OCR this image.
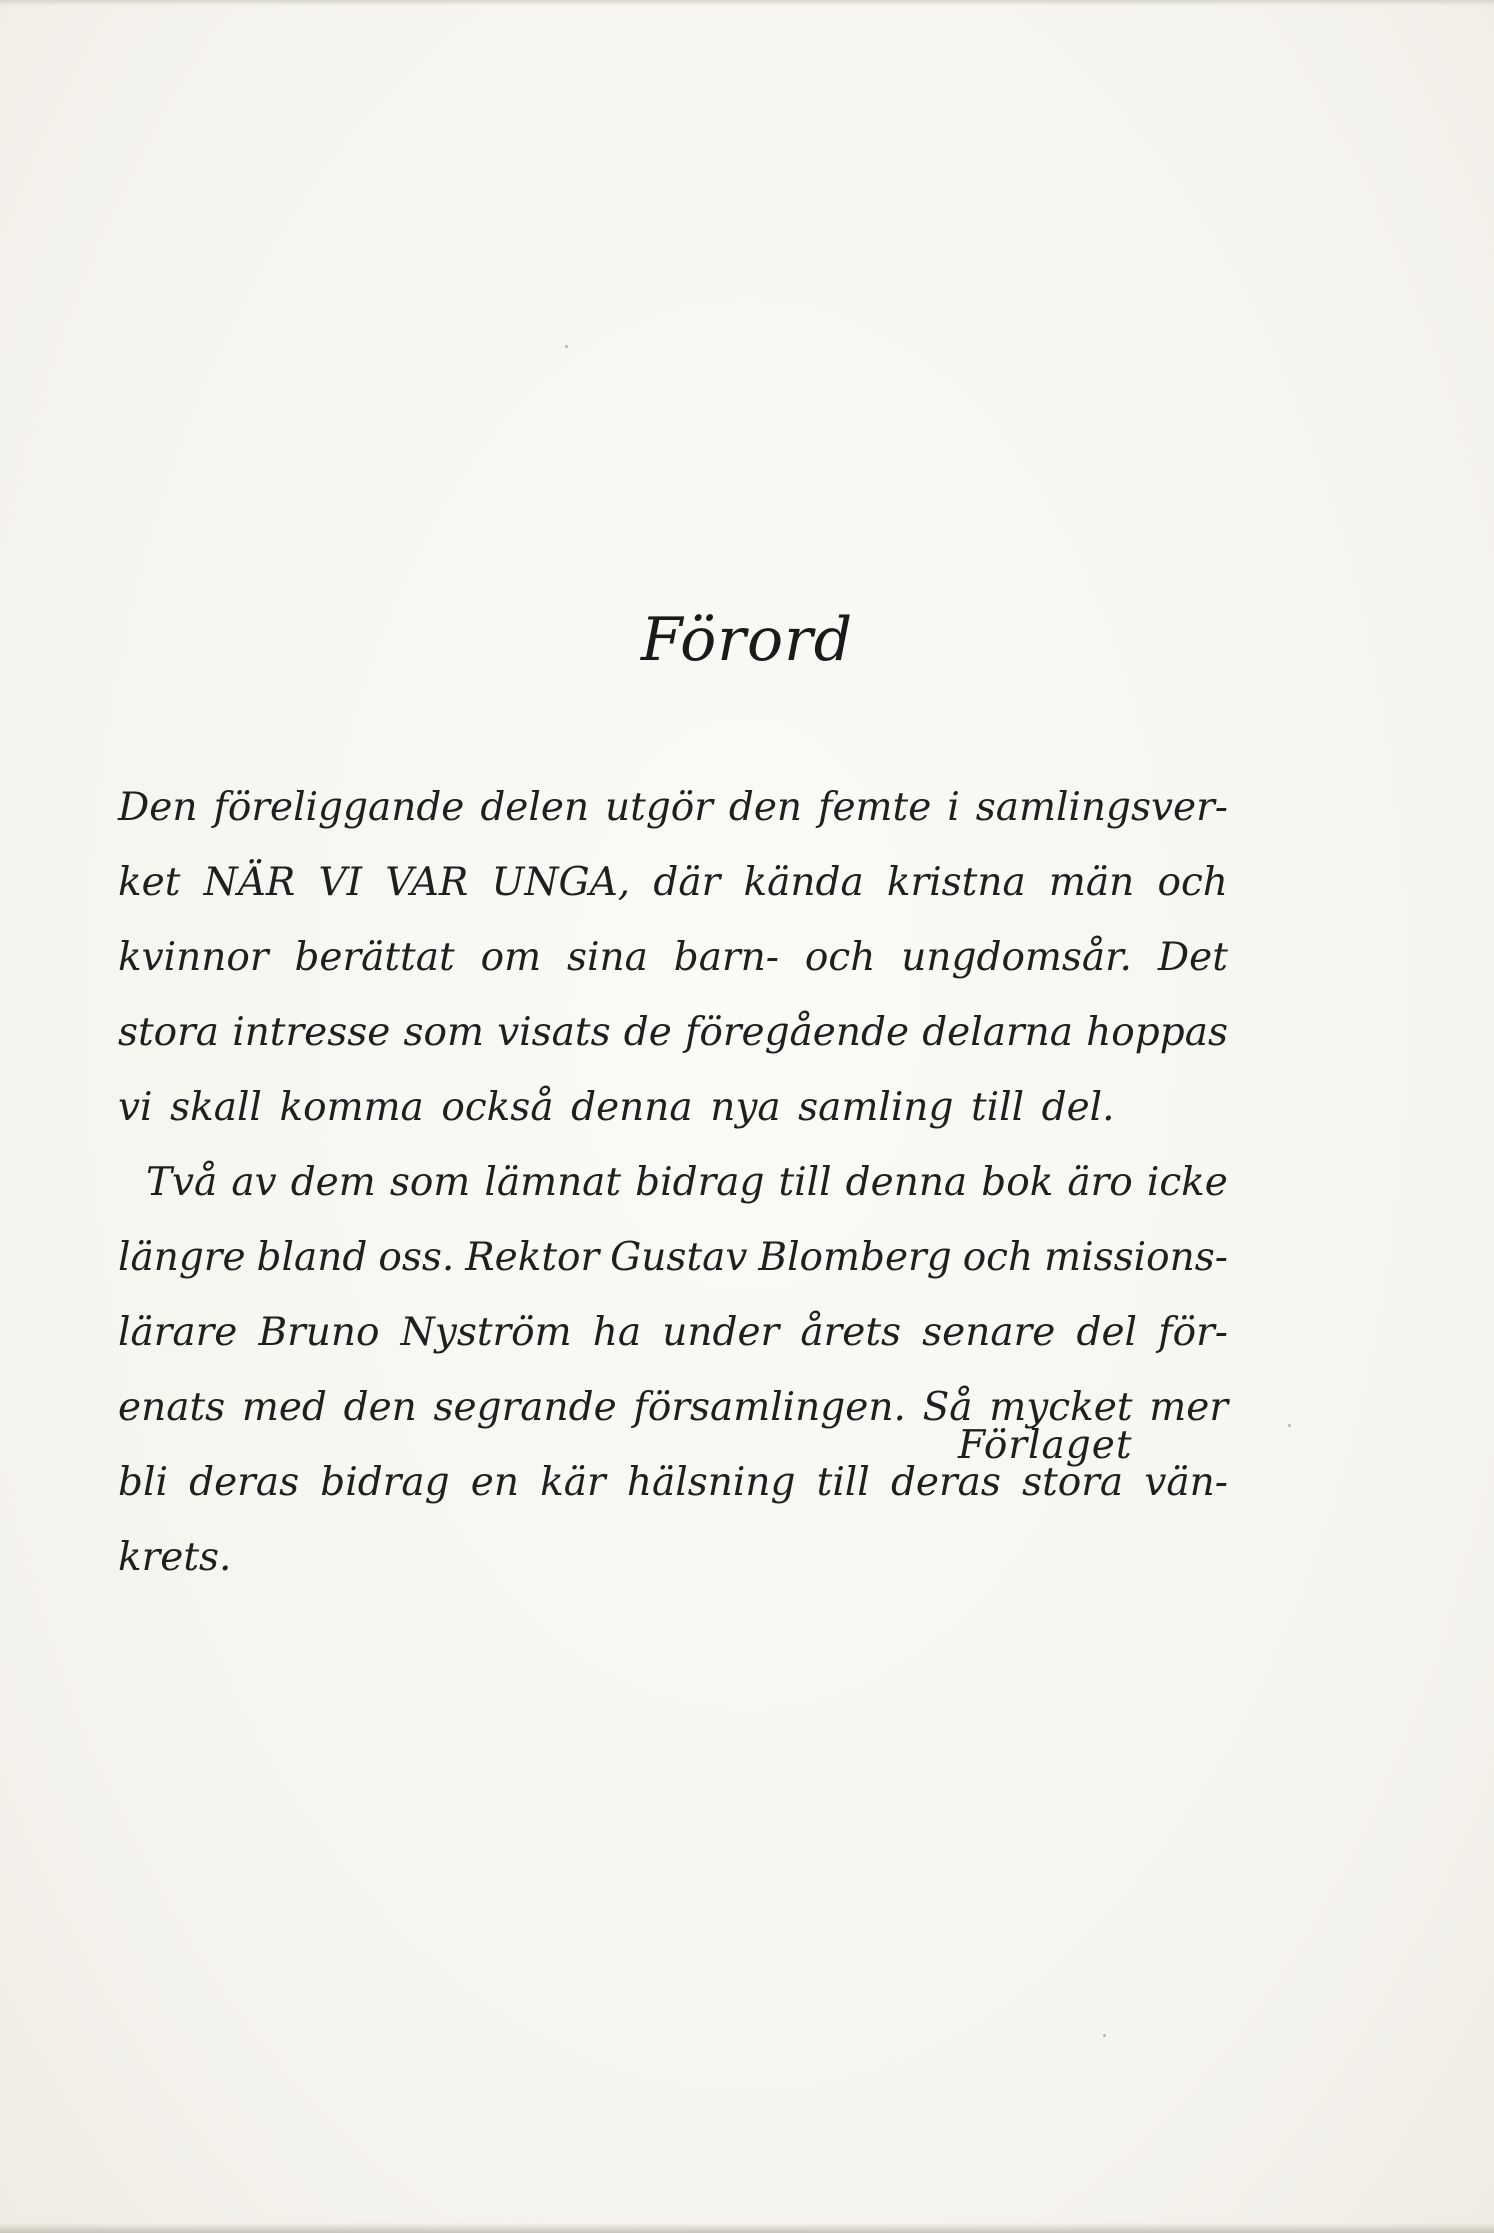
Förord
Den föreliggande delen utgör den femte i samlingsver-
ket NÄR VI VAR UNGA, där kända kristna män och
kvinnor berättat om sina barn- och ungdomsår. Det
stora intresse som visats de föregående delarna hoppas
vi skall komma också denna nya samling till del.
Två av dem som lämnat bidrag till denna bok äro icke
längre bland oss. Rektor Gustav Blomberg och missions-
lärare Bruno Nyström ha under årets senare del för-
enats med den segrande församlingen. Så mycket mer
bli deras bidrag en kär hälsning till deras stora vän-
krets.

Förlaget
